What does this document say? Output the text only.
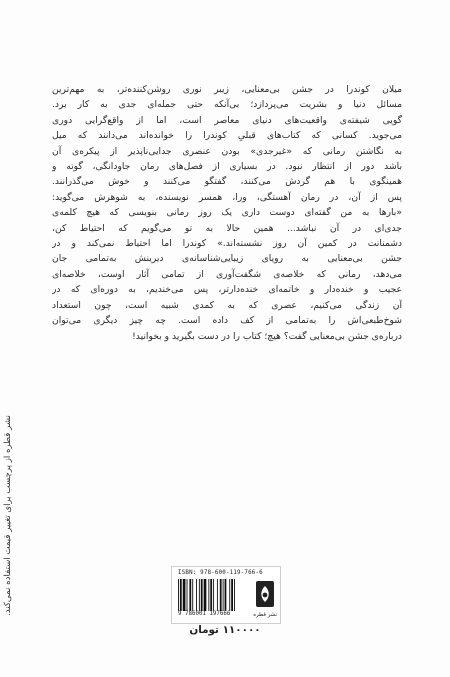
میلان کوندرا در جشن بی‌معنایی، زیبر نوری روشن‌کننده‌تر، به مهم‌ترین
مسائل دنیا و بشریت می‌پردازد؛ بی‌آنکه حتی جمله‌ای جدی به کار برد.
گویی شیفته‌ی واقعیت‌های دنیای معاصر است، اما از واقع‌گرایی دوری
می‌جوید. کسانی که کتاب‌های قبلیِ کوندرا را خوانده‌اند می‌دانند که میل
به نگاشتن رمانی که «غیرجدی» بودن عنصری جدایی‌ناپذیر از پیکره‌ی آن
باشد دور از انتظار نبود. در بسیاری از فصل‌های رمان جاودانگی، گوته و
همینگوی با هم گردش می‌کنند، گفتگو می‌کنند و خوش می‌گذرانند.
پس از آن، در رمان آهستگی، ورا، همسر نویسنده، به شوهرش می‌گوید:
«بارها به من گفته‌ای دوست داری یک روز رمانی بنویسی که هیچ کلمه‌ی
جدی‌ای در آن نباشد... همین حالا به تو می‌گویم که احتیاط کن،
دشمنانت در کمین آن روز نشسته‌اند.» کوندرا اما احتیاط نمی‌کند و در
جشن بی‌معنایی به رویای زیبایی‌شناسانه‌ی دیرینش به‌تمامی جان
می‌دهد، رمانی که خلاصه‌ی شگفت‌آوری از تمامی آثار اوست، خلاصه‌ای
عجیب و خنده‌دار و خاتمه‌ای خنده‌دارتر، پس می‌خندیم، به دوره‌ای که در
آن زندگی می‌کنیم، عصری که به کمدی شبیه است، چون استعداد
شوخ‌طبعی‌اش را به‌تمامی از کف داده است. چه چیز دیگری می‌توان
درباره‌ی جشن بی‌معنایی گفت؟ هیچ؛ کتاب را در دست بگیرید و بخوانید!

نشر قطره از پرچسب برای تغییر قیمت استفاده نمی‌کند.	ISBN: 978-600-119-766-6
9 786001 197666	نشر قطره
۱۱۰۰۰۰ تومان
